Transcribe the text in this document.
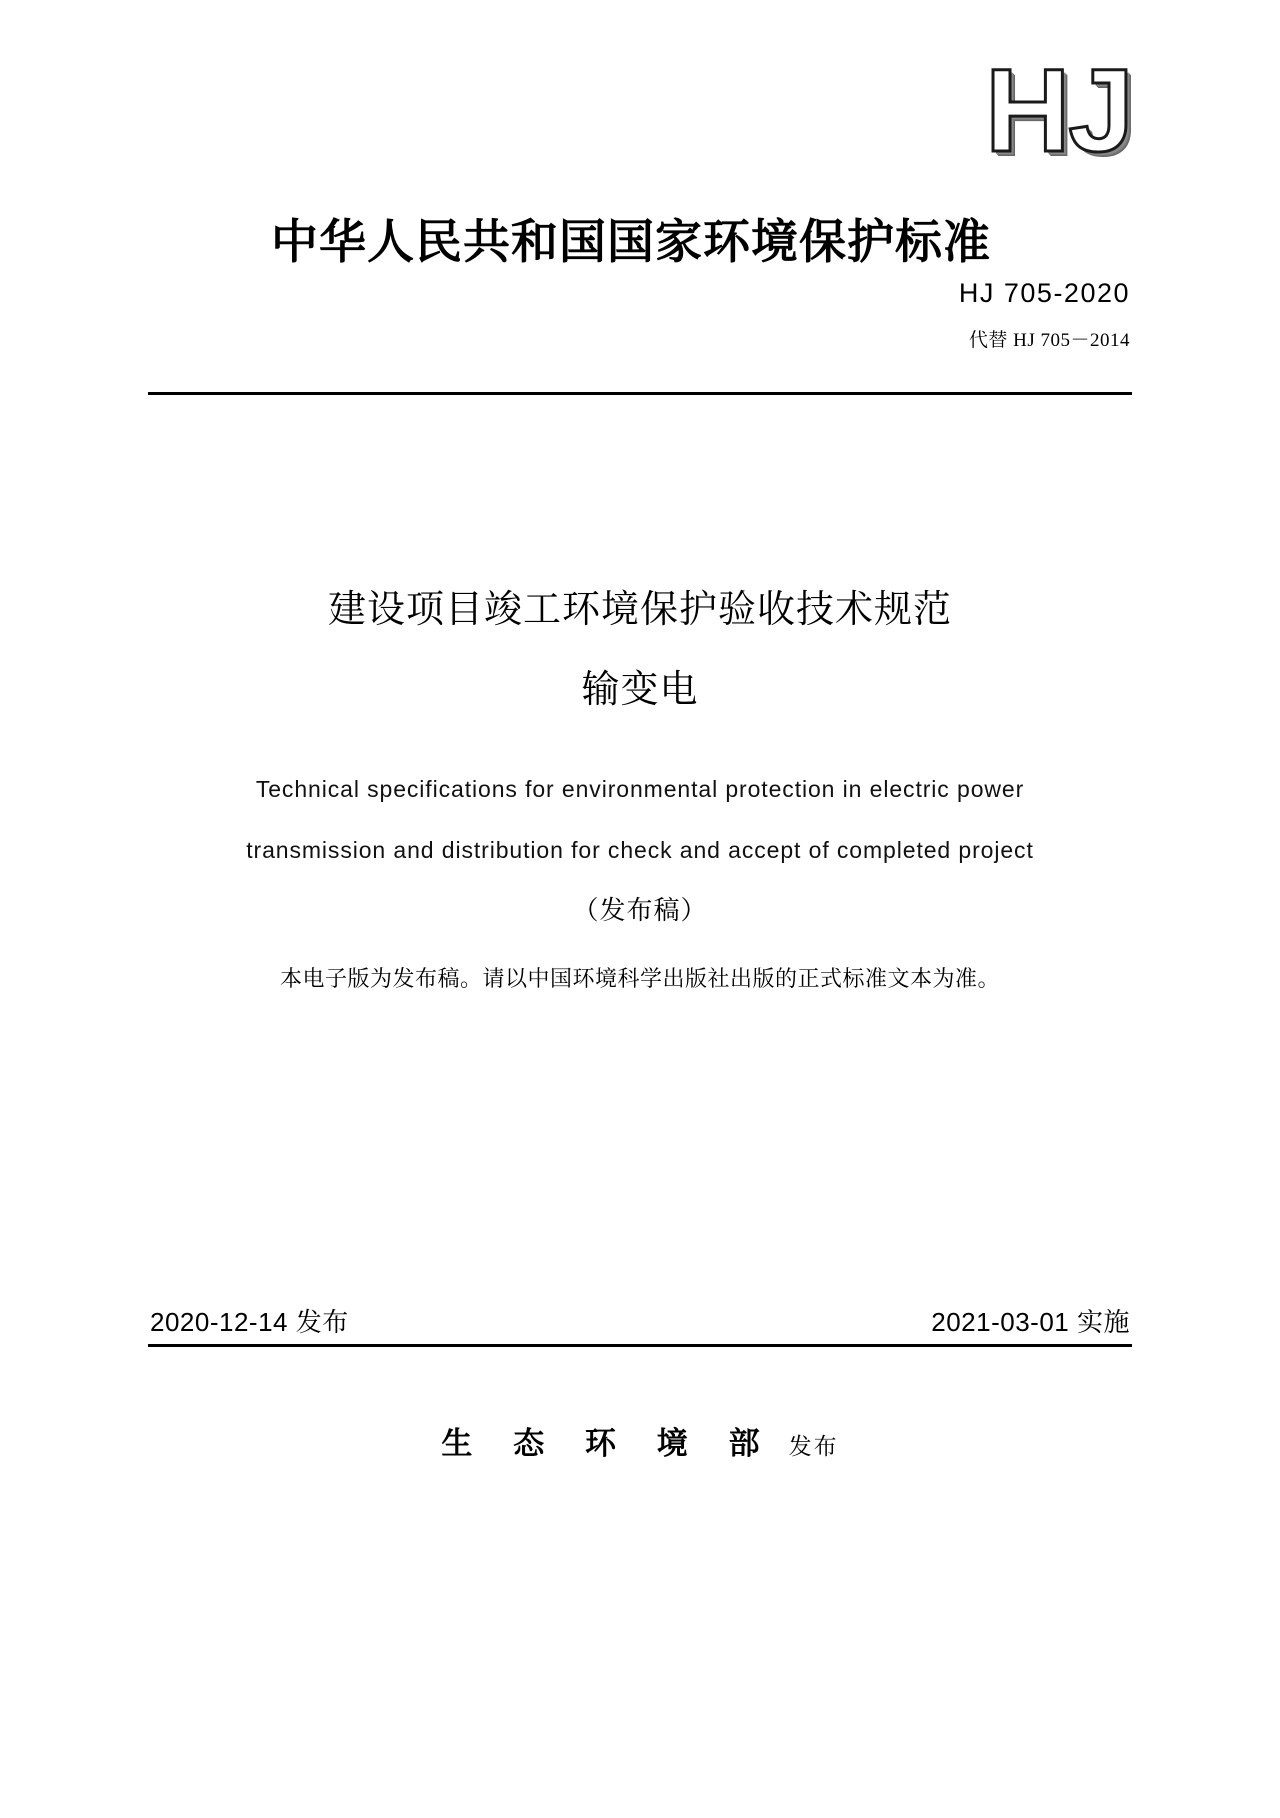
HJ
中华人民共和国国家环境保护标准
HJ 705-2020
代替 HJ 705－2014
建设项目竣工环境保护验收技术规范
输变电
Technical specifications for environmental protection in electric power
transmission and distribution for check and accept of completed project
（发布稿）
本电子版为发布稿。请以中国环境科学出版社出版的正式标准文本为准。
2020-12-14 发布	2021-03-01 实施
生 态 环 境 部 发布
